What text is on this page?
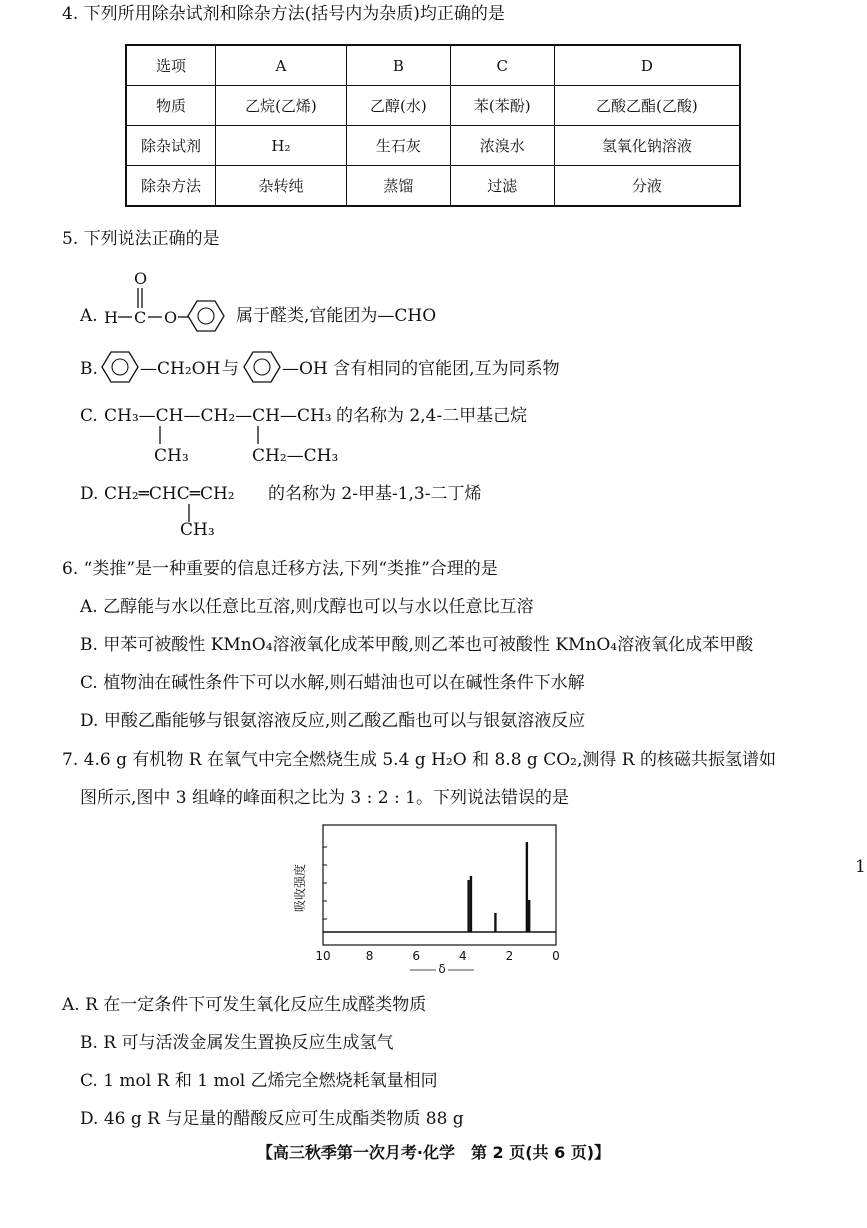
4. 下列所用除杂试剂和除杂方法(括号内为杂质)均正确的是
选项	A	B	C	D
物质	乙烷(乙烯)	乙醇(水)	苯(苯酚)	乙酸乙酯(乙酸)
除杂试剂	H₂	生石灰	浓溴水	氢氧化钠溶液
除杂方法	杂转纯	蒸馏	过滤	分液
5. 下列说法正确的是
A. H C
O
O	属于醛类,官能团为—CHO
B. —CH₂OH 与	—OH 含有相同的官能团,互为同系物
C. CH₃—CH—CH₂—CH—CH₃ 的名称为 2,4-二甲基己烷
CH₃	CH₂—CH₃
D. CH₂═CHC═CH₂ 的名称为 2-甲基-1,3-二丁烯
CH₃
6. “类推”是一种重要的信息迁移方法,下列“类推”合理的是
A. 乙醇能与水以任意比互溶,则戊醇也可以与水以任意比互溶
B. 甲苯可被酸性 KMnO₄溶液氧化成苯甲酸,则乙苯也可被酸性 KMnO₄溶液氧化成苯甲酸
C. 植物油在碱性条件下可以水解,则石蜡油也可以在碱性条件下水解
D. 甲酸乙酯能够与银氨溶液反应,则乙酸乙酯也可以与银氨溶液反应
7. 4.6 g 有机物 R 在氧气中完全燃烧生成 5.4 g H₂O 和 8.8 g CO₂,测得 R 的核磁共振氢谱如
图所示,图中 3 组峰的峰面积之比为 3 : 2 : 1。下列说法错误的是
10	8	6	4	2	0
吸收强度
δ
A. R 在一定条件下可发生氧化反应生成醛类物质
B. R 可与活泼金属发生置换反应生成氢气
C. 1 mol R 和 1 mol 乙烯完全燃烧耗氧量相同
D. 46 g R 与足量的醋酸反应可生成酯类物质 88 g
1
【高三秋季第一次月考·化学　第 2 页(共 6 页)】
